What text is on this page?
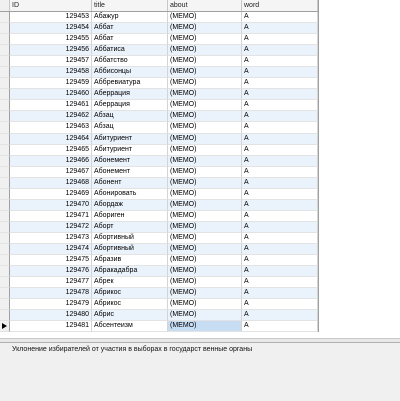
ID	title	about	word
129453 Абажур	(МЕМО)	A
129454 Аббат	(МЕМО)	A
129455 Аббат	(МЕМО)	A
129456 Аббатиса	(МЕМО)	A
129457 Аббатство	(МЕМО)	A
129458 Аббисонцы	(МЕМО)	A
129459 Аббревиатура	(МЕМО)	A
129460 Аберрация	(МЕМО)	A
129461 Аберрация	(МЕМО)	A
129462 Абзац	(МЕМО)	A
129463 Абзац	(МЕМО)	A
129464 Абитуриент	(МЕМО)	A
129465 Абитуриент	(МЕМО)	A
129466 Абонемент	(МЕМО)	A
129467 Абонемент	(МЕМО)	A
129468 Абонент	(МЕМО)	A
129469 Абонировать	(МЕМО)	A
129470 Абордаж	(МЕМО)	A
129471 Абориген	(МЕМО)	A
129472 Аборт	(МЕМО)	A
129473 Абортивный	(МЕМО)	A
129474 Абортивный	(МЕМО)	A
129475 Абразив	(МЕМО)	A
129476 Абракадабра	(МЕМО)	A
129477 Абрек	(МЕМО)	A
129478 Абрикос	(МЕМО)	A
129479 Абрикос	(МЕМО)	A
129480 Абрис	(МЕМО)	A
129481 Абсентеизм	(МЕМО)	A
Уклонение избирателей от участия в выборах в государст венные органы
